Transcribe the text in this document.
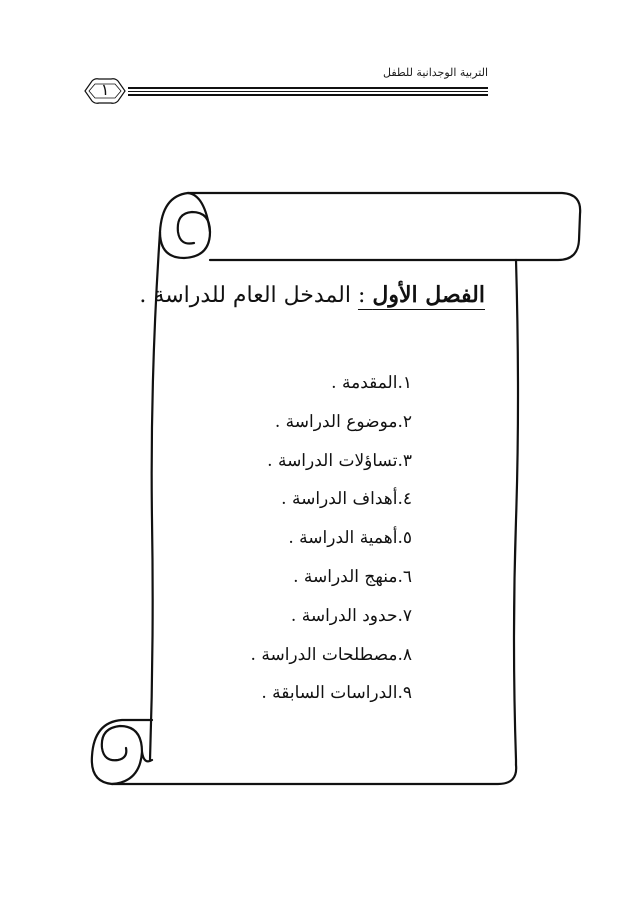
التربية الوجدانية للطفل
١
الفصل الأول : المدخل العام للدراسة .
١.المقدمة .
٢.موضوع الدراسة .
٣.تساؤلات الدراسة .
٤.أهداف الدراسة .
٥.أهمية الدراسة .
٦.منهج الدراسة .
٧.حدود الدراسة .
٨.مصطلحات الدراسة .
٩.الدراسات السابقة .
